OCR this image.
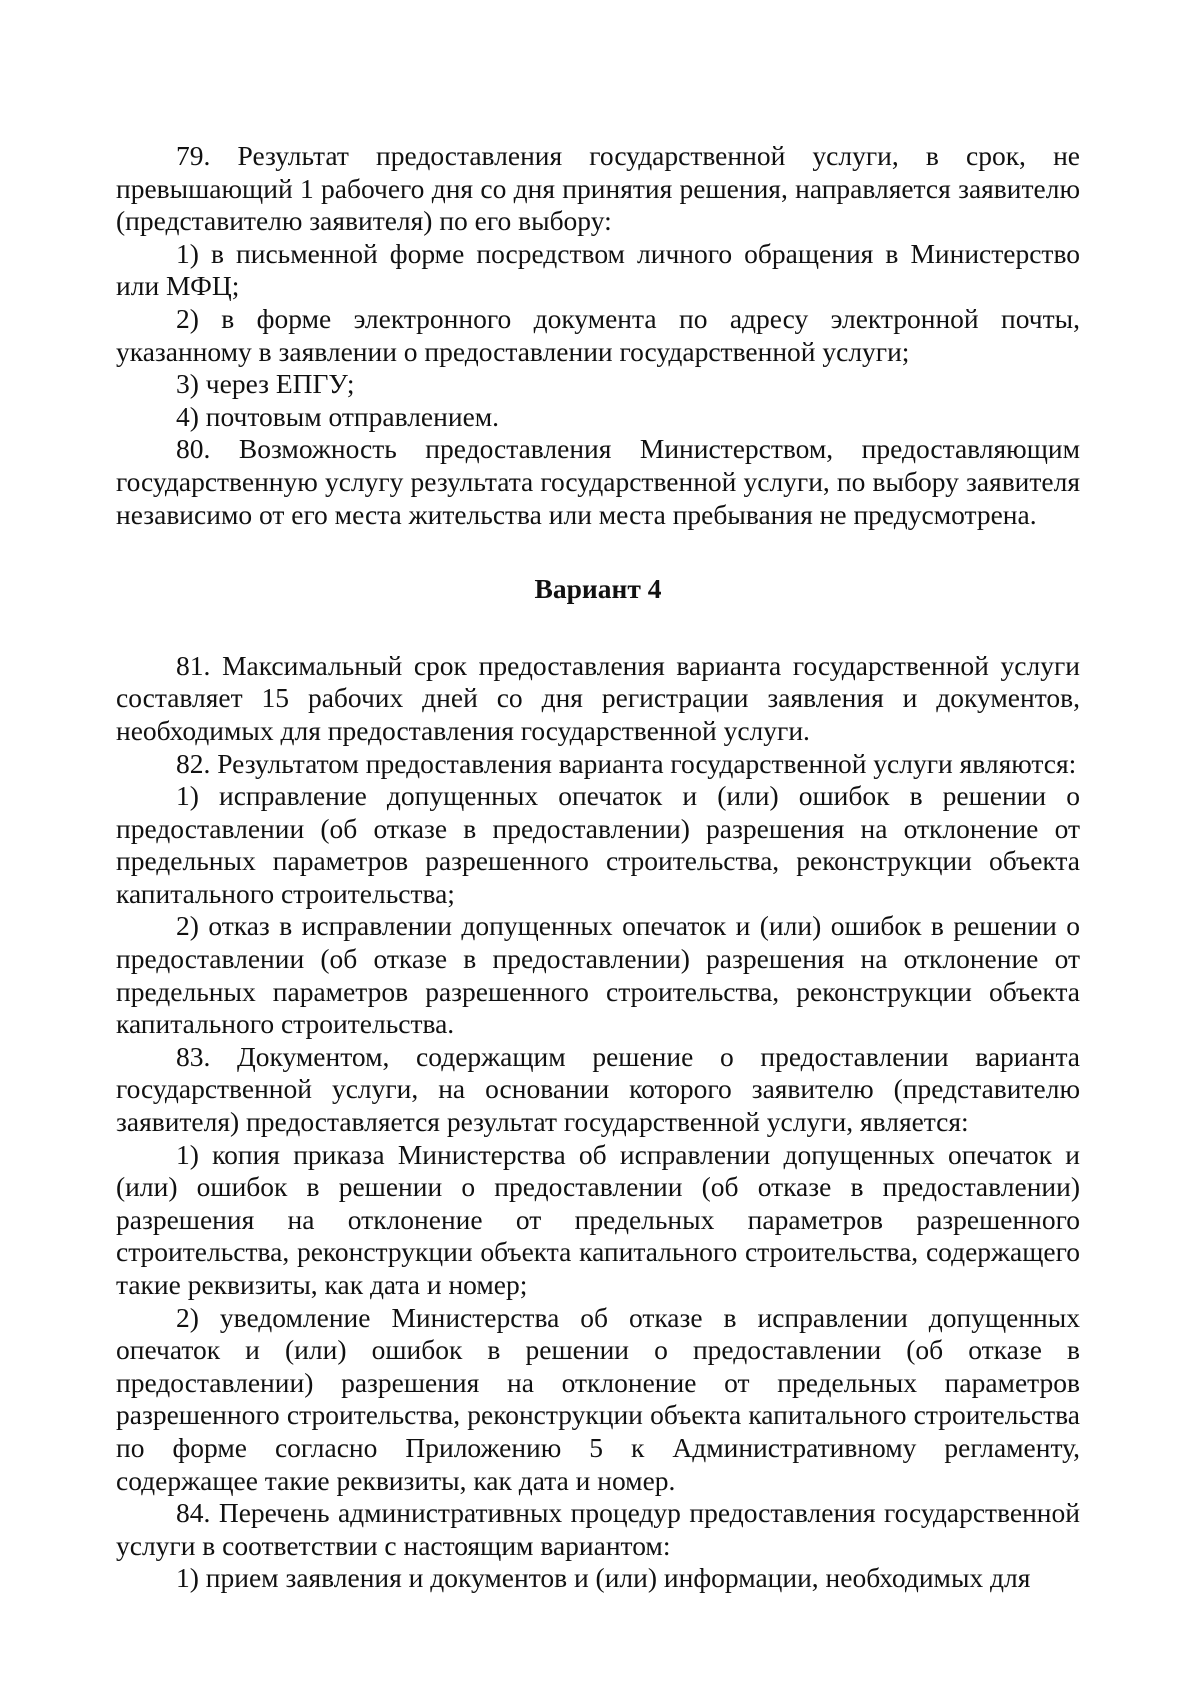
79. Результат предоставления государственной услуги, в срок, не превышающий 1 рабочего дня со дня принятия решения, направляется заявителю (представителю заявителя) по его выбору:

1) в письменной форме посредством личного обращения в Министерство или МФЦ;

2) в форме электронного документа по адресу электронной почты, указанному в заявлении о предоставлении государственной услуги;

3) через ЕПГУ;

4) почтовым отправлением.

80. Возможность предоставления Министерством, предоставляющим государственную услугу результата государственной услуги, по выбору заявителя независимо от его места жительства или места пребывания не предусмотрена.

Вариант 4

81. Максимальный срок предоставления варианта государственной услуги составляет 15 рабочих дней со дня регистрации заявления и документов, необходимых для предоставления государственной услуги.

82. Результатом предоставления варианта государственной услуги являются:

1) исправление допущенных опечаток и (или) ошибок в решении о предоставлении (об отказе в предоставлении) разрешения на отклонение от предельных параметров разрешенного строительства, реконструкции объекта капитального строительства;

2) отказ в исправлении допущенных опечаток и (или) ошибок в решении о предоставлении (об отказе в предоставлении) разрешения на отклонение от предельных параметров разрешенного строительства, реконструкции объекта капитального строительства.

83. Документом, содержащим решение о предоставлении варианта государственной услуги, на основании которого заявителю (представителю заявителя) предоставляется результат государственной услуги, является:

1) копия приказа Министерства об исправлении допущенных опечаток и (или) ошибок в решении о предоставлении (об отказе в предоставлении) разрешения на отклонение от предельных параметров разрешенного строительства, реконструкции объекта капитального строительства, содержащего такие реквизиты, как дата и номер;

2) уведомление Министерства об отказе в исправлении допущенных опечаток и (или) ошибок в решении о предоставлении (об отказе в предоставлении) разрешения на отклонение от предельных параметров разрешенного строительства, реконструкции объекта капитального строительства по форме согласно Приложению 5 к Административному регламенту, содержащее такие реквизиты, как дата и номер.

84. Перечень административных процедур предоставления государственной услуги в соответствии с настоящим вариантом:

1) прием заявления и документов и (или) информации, необходимых для
